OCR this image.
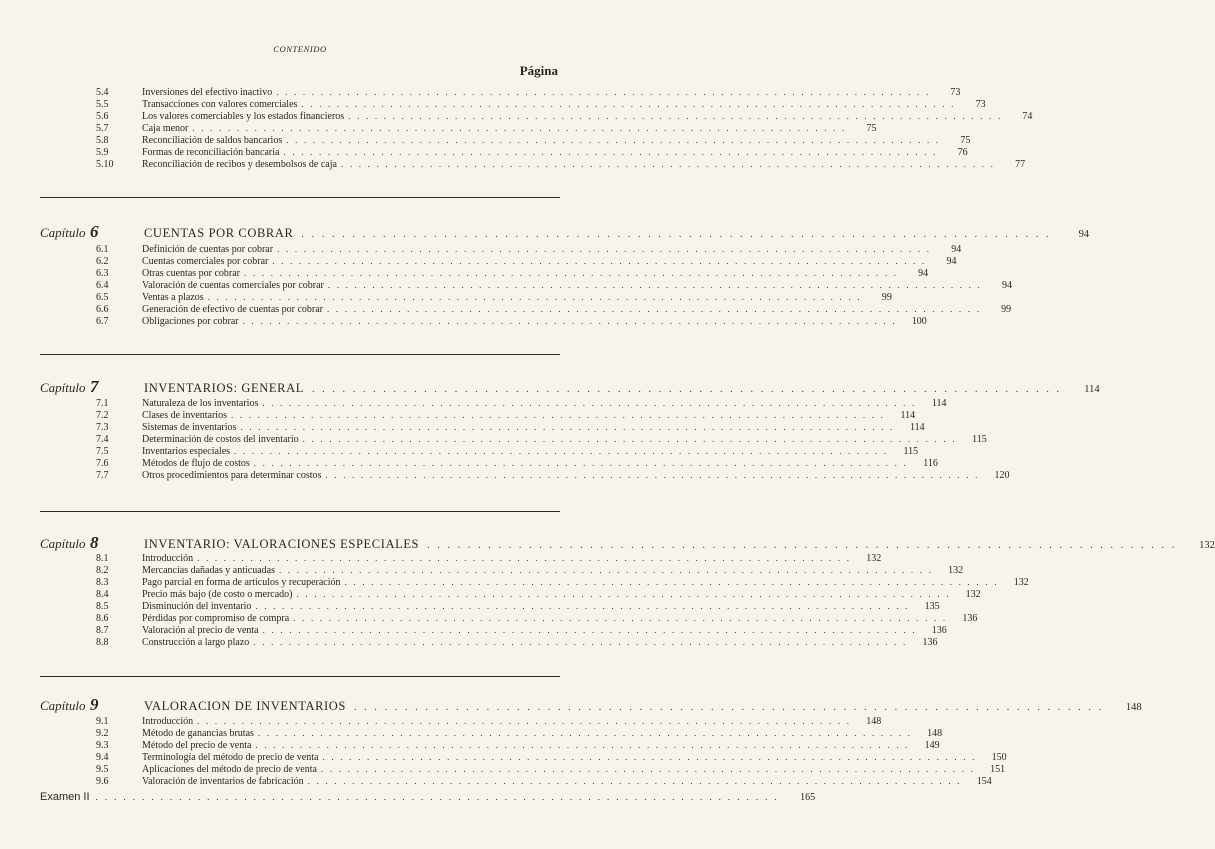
CONTENIDO
Página
5.4	Inversiones del efectivo inactivo . . . . . . . . . . . . . . . . . . . . . . . . . . . . . . . . . . . . . . . . . . . . . . . . . . . . . . . . . . . . . . . . . . . . . . . . . .	73
5.5	Transacciones con valores comerciales . . . . . . . . . . . . . . . . . . . . . . . . . . . . . . . . . . . . . . . . . . . . . . . . . . . . . . . . . . . . . . . . . . . . . . . . . .	73
5.6	Los valores comerciables y los estados financieros . . . . . . . . . . . . . . . . . . . . . . . . . . . . . . . . . . . . . . . . . . . . . . . . . . . . . . . . . . . . . . . . . . . . . . . . . .	74
5.7	Caja menor . . . . . . . . . . . . . . . . . . . . . . . . . . . . . . . . . . . . . . . . . . . . . . . . . . . . . . . . . . . . . . . . . . . . . . . . . .	75
5.8	Reconciliación de saldos bancarios . . . . . . . . . . . . . . . . . . . . . . . . . . . . . . . . . . . . . . . . . . . . . . . . . . . . . . . . . . . . . . . . . . . . . . . . . .	75
5.9	Formas de reconciliación bancaria . . . . . . . . . . . . . . . . . . . . . . . . . . . . . . . . . . . . . . . . . . . . . . . . . . . . . . . . . . . . . . . . . . . . . . . . . .	76
5.10	Reconciliación de recibos y desembolsos de caja . . . . . . . . . . . . . . . . . . . . . . . . . . . . . . . . . . . . . . . . . . . . . . . . . . . . . . . . . . . . . . . . . . . . . . . . . .	77
Capítulo 6	CUENTAS POR COBRAR . . . . . . . . . . . . . . . . . . . . . . . . . . . . . . . . . . . . . . . . . . . . . . . . . . . . . . . . . . . . . . . . . . . . . . . . . .	94
6.1	Definición de cuentas por cobrar . . . . . . . . . . . . . . . . . . . . . . . . . . . . . . . . . . . . . . . . . . . . . . . . . . . . . . . . . . . . . . . . . . . . . . . . . .	94
6.2	Cuentas comerciales por cobrar . . . . . . . . . . . . . . . . . . . . . . . . . . . . . . . . . . . . . . . . . . . . . . . . . . . . . . . . . . . . . . . . . . . . . . . . . .	94
6.3	Otras cuentas por cobrar . . . . . . . . . . . . . . . . . . . . . . . . . . . . . . . . . . . . . . . . . . . . . . . . . . . . . . . . . . . . . . . . . . . . . . . . . .	94
6.4	Valoración de cuentas comerciales por cobrar . . . . . . . . . . . . . . . . . . . . . . . . . . . . . . . . . . . . . . . . . . . . . . . . . . . . . . . . . . . . . . . . . . . . . . . . . .	94
6.5	Ventas a plazos . . . . . . . . . . . . . . . . . . . . . . . . . . . . . . . . . . . . . . . . . . . . . . . . . . . . . . . . . . . . . . . . . . . . . . . . . .	99
6.6	Generación de efectivo de cuentas por cobrar . . . . . . . . . . . . . . . . . . . . . . . . . . . . . . . . . . . . . . . . . . . . . . . . . . . . . . . . . . . . . . . . . . . . . . . . . .	99
6.7	Obligaciones por cobrar . . . . . . . . . . . . . . . . . . . . . . . . . . . . . . . . . . . . . . . . . . . . . . . . . . . . . . . . . . . . . . . . . . . . . . . . . .	100
Capítulo 7	INVENTARIOS: GENERAL . . . . . . . . . . . . . . . . . . . . . . . . . . . . . . . . . . . . . . . . . . . . . . . . . . . . . . . . . . . . . . . . . . . . . . . . . .	114
7.1	Naturaleza de los inventarios . . . . . . . . . . . . . . . . . . . . . . . . . . . . . . . . . . . . . . . . . . . . . . . . . . . . . . . . . . . . . . . . . . . . . . . . . .	114
7.2	Clases de inventarios . . . . . . . . . . . . . . . . . . . . . . . . . . . . . . . . . . . . . . . . . . . . . . . . . . . . . . . . . . . . . . . . . . . . . . . . . .	114
7.3	Sistemas de inventarios . . . . . . . . . . . . . . . . . . . . . . . . . . . . . . . . . . . . . . . . . . . . . . . . . . . . . . . . . . . . . . . . . . . . . . . . . .	114
7.4	Determinación de costos del inventario . . . . . . . . . . . . . . . . . . . . . . . . . . . . . . . . . . . . . . . . . . . . . . . . . . . . . . . . . . . . . . . . . . . . . . . . . .	115
7.5	Inventarios especiales . . . . . . . . . . . . . . . . . . . . . . . . . . . . . . . . . . . . . . . . . . . . . . . . . . . . . . . . . . . . . . . . . . . . . . . . . .	115
7.6	Métodos de flujo de costos . . . . . . . . . . . . . . . . . . . . . . . . . . . . . . . . . . . . . . . . . . . . . . . . . . . . . . . . . . . . . . . . . . . . . . . . . .	116
7.7	Otros procedimientos para determinar costos . . . . . . . . . . . . . . . . . . . . . . . . . . . . . . . . . . . . . . . . . . . . . . . . . . . . . . . . . . . . . . . . . . . . . . . . . .	120
Capítulo 8	INVENTARIO: VALORACIONES ESPECIALES . . . . . . . . . . . . . . . . . . . . . . . . . . . . . . . . . . . . . . . . . . . . . . . . . . . . . . . . . . . . . . . . . . . . . . . . . .	132
8.1	Introducción . . . . . . . . . . . . . . . . . . . . . . . . . . . . . . . . . . . . . . . . . . . . . . . . . . . . . . . . . . . . . . . . . . . . . . . . . .	132
8.2	Mercancías dañadas y anticuadas . . . . . . . . . . . . . . . . . . . . . . . . . . . . . . . . . . . . . . . . . . . . . . . . . . . . . . . . . . . . . . . . . . . . . . . . . .	132
8.3	Pago parcial en forma de artículos y recuperación . . . . . . . . . . . . . . . . . . . . . . . . . . . . . . . . . . . . . . . . . . . . . . . . . . . . . . . . . . . . . . . . . . . . . . . . . .	132
8.4	Precio más bajo (de costo o mercado) . . . . . . . . . . . . . . . . . . . . . . . . . . . . . . . . . . . . . . . . . . . . . . . . . . . . . . . . . . . . . . . . . . . . . . . . . .	132
8.5	Disminución del inventario . . . . . . . . . . . . . . . . . . . . . . . . . . . . . . . . . . . . . . . . . . . . . . . . . . . . . . . . . . . . . . . . . . . . . . . . . .	135
8.6	Pérdidas por compromiso de compra . . . . . . . . . . . . . . . . . . . . . . . . . . . . . . . . . . . . . . . . . . . . . . . . . . . . . . . . . . . . . . . . . . . . . . . . . .	136
8.7	Valoración al precio de venta . . . . . . . . . . . . . . . . . . . . . . . . . . . . . . . . . . . . . . . . . . . . . . . . . . . . . . . . . . . . . . . . . . . . . . . . . .	136
8.8	Construcción a largo plazo . . . . . . . . . . . . . . . . . . . . . . . . . . . . . . . . . . . . . . . . . . . . . . . . . . . . . . . . . . . . . . . . . . . . . . . . . .	136
Capítulo 9	VALORACION DE INVENTARIOS . . . . . . . . . . . . . . . . . . . . . . . . . . . . . . . . . . . . . . . . . . . . . . . . . . . . . . . . . . . . . . . . . . . . . . . . . .	148
9.1	Introducción . . . . . . . . . . . . . . . . . . . . . . . . . . . . . . . . . . . . . . . . . . . . . . . . . . . . . . . . . . . . . . . . . . . . . . . . . .	148
9.2	Método de ganancias brutas . . . . . . . . . . . . . . . . . . . . . . . . . . . . . . . . . . . . . . . . . . . . . . . . . . . . . . . . . . . . . . . . . . . . . . . . . .	148
9.3	Método del precio de venta . . . . . . . . . . . . . . . . . . . . . . . . . . . . . . . . . . . . . . . . . . . . . . . . . . . . . . . . . . . . . . . . . . . . . . . . . .	149
9.4	Terminología del método de precio de venta . . . . . . . . . . . . . . . . . . . . . . . . . . . . . . . . . . . . . . . . . . . . . . . . . . . . . . . . . . . . . . . . . . . . . . . . . .	150
9.5	Aplicaciones del método de precio de venta . . . . . . . . . . . . . . . . . . . . . . . . . . . . . . . . . . . . . . . . . . . . . . . . . . . . . . . . . . . . . . . . . . . . . . . . . .	151
9.6	Valoración de inventarios de fabricación . . . . . . . . . . . . . . . . . . . . . . . . . . . . . . . . . . . . . . . . . . . . . . . . . . . . . . . . . . . . . . . . . . . . . . . . . .	154
Examen II . . . . . . . . . . . . . . . . . . . . . . . . . . . . . . . . . . . . . . . . . . . . . . . . . . . . . . . . . . . . . . . . . . . . . . . . . .	165
